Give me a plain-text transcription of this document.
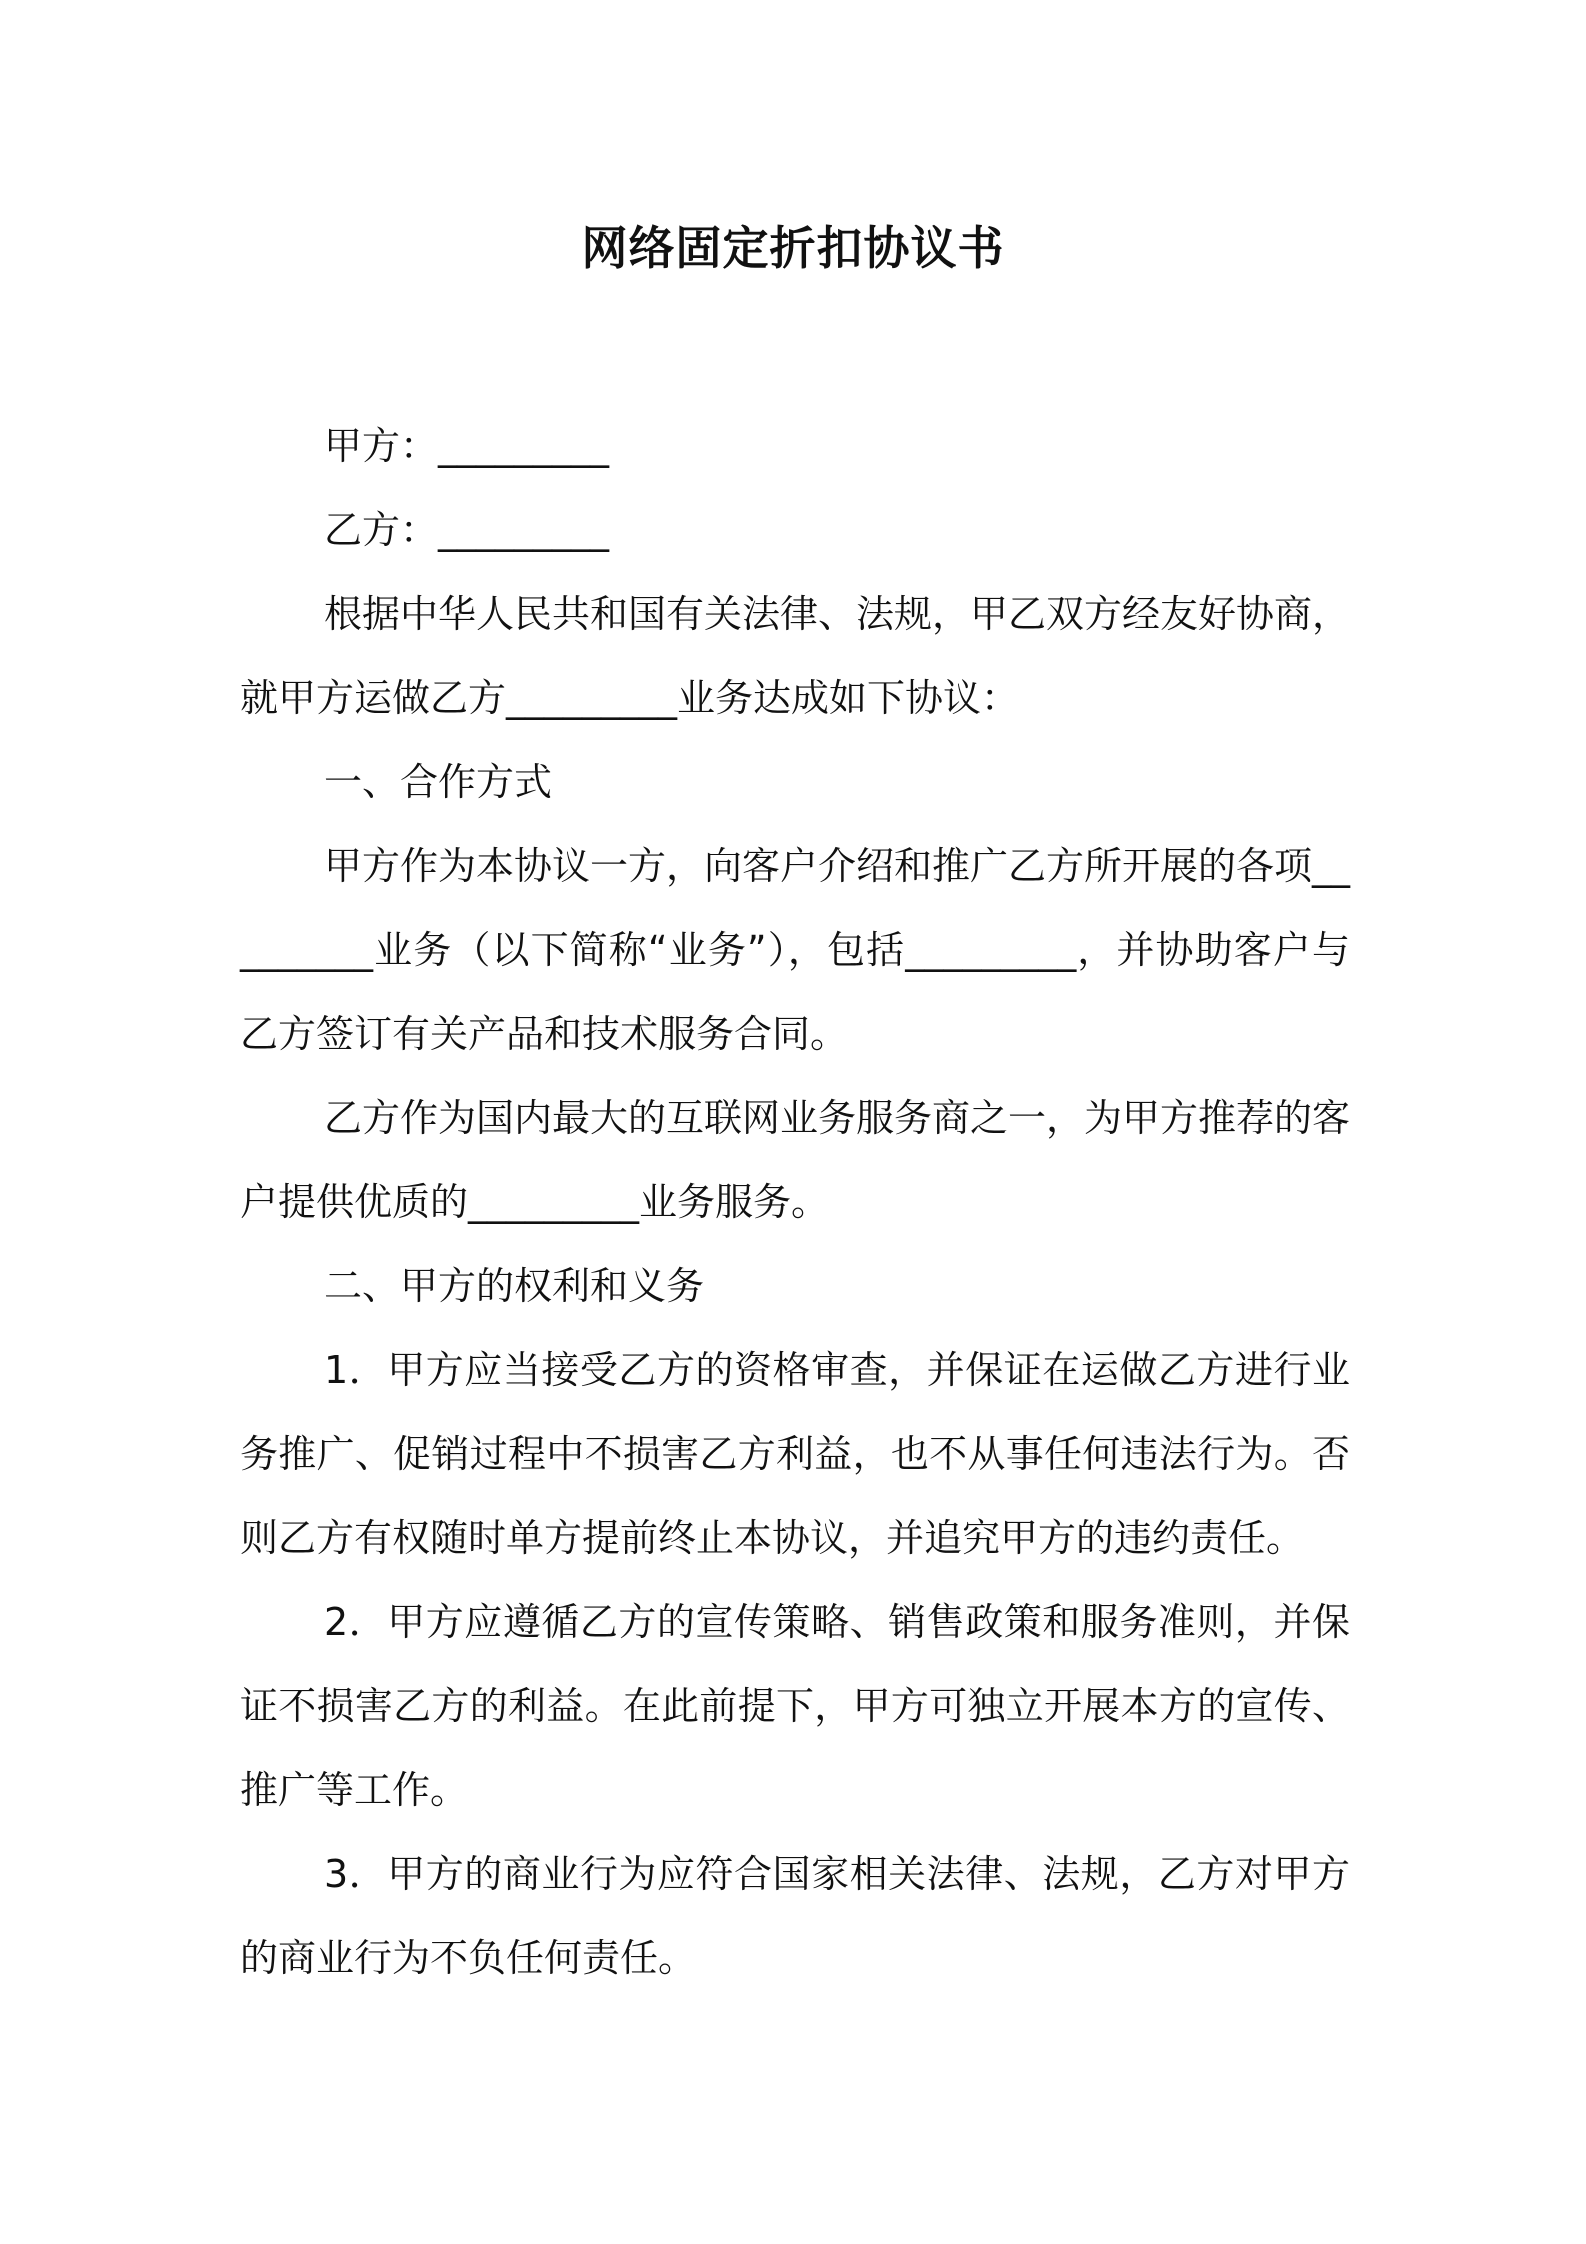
网络固定折扣协议书

甲方：_________

乙方：_________

根据中华人民共和国有关法律、法规，甲乙双方经友好协商，就甲方运做乙方_________业务达成如下协议：

一、合作方式

甲方作为本协议一方，向客户介绍和推广乙方所开展的各项_________业务（以下简称“业务”），包括_________，并协助客户与乙方签订有关产品和技术服务合同。

乙方作为国内最大的互联网业务服务商之一，为甲方推荐的客户提供优质的_________业务服务。

二、甲方的权利和义务

1．甲方应当接受乙方的资格审查，并保证在运做乙方进行业务推广、促销过程中不损害乙方利益，也不从事任何违法行为。否则乙方有权随时单方提前终止本协议，并追究甲方的违约责任。

2．甲方应遵循乙方的宣传策略、销售政策和服务准则，并保证不损害乙方的利益。在此前提下，甲方可独立开展本方的宣传、推广等工作。

3．甲方的商业行为应符合国家相关法律、法规，乙方对甲方的商业行为不负任何责任。
